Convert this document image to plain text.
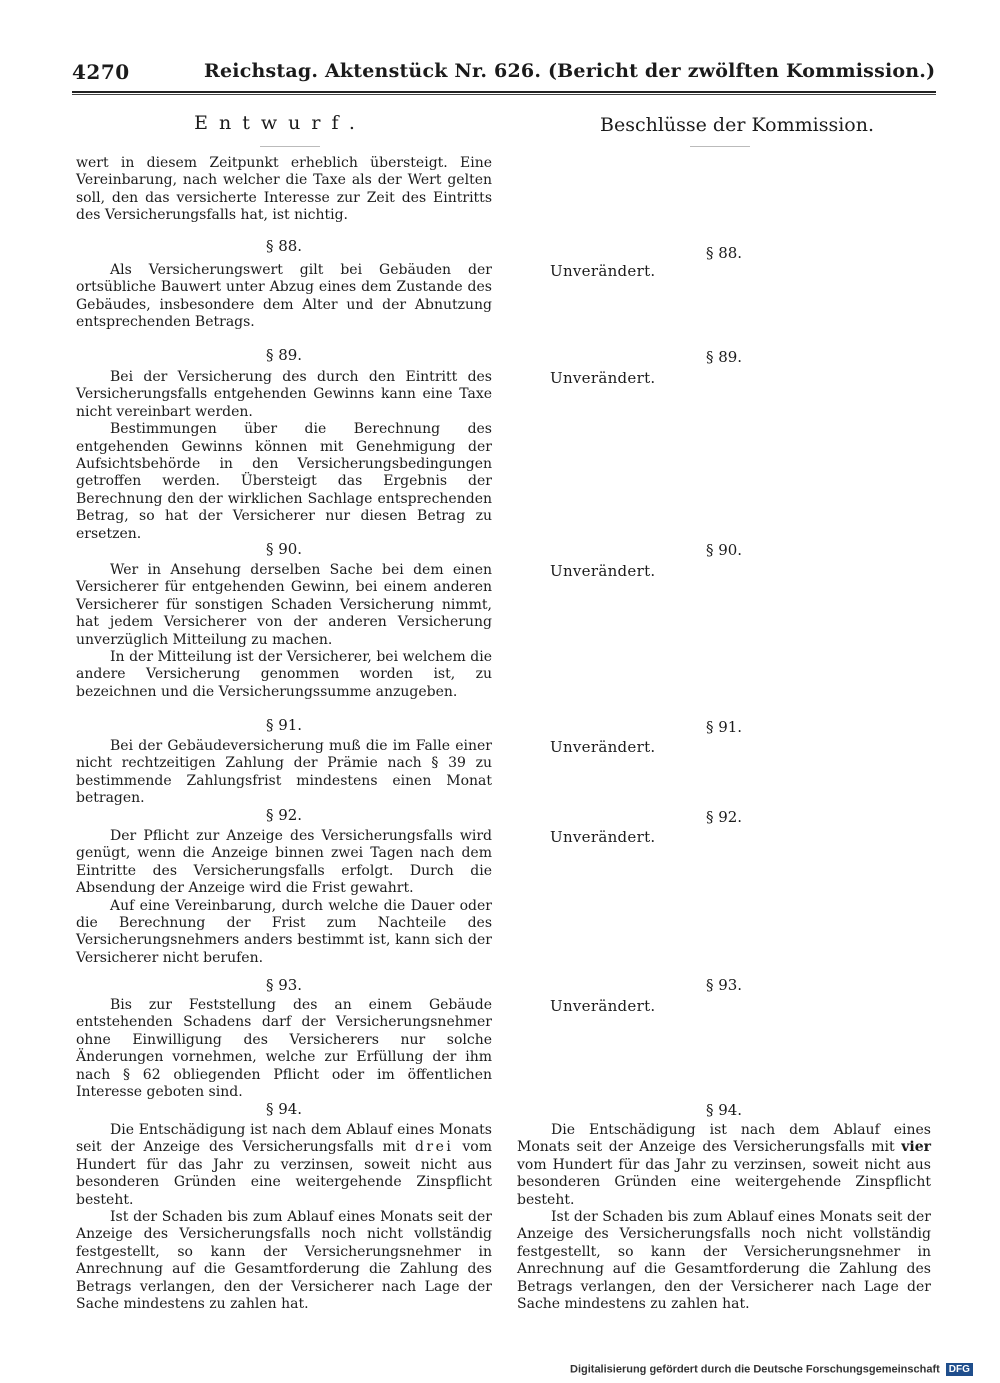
4270	Reichstag. Aktenstück Nr. 626. (Bericht der zwölften Kommission.)
Entwurf.	Beschlüsse der Kommission.

wert in diesem Zeitpunkt erheblich übersteigt. Eine Vereinbarung, nach welcher die Taxe als der Wert gelten soll, den das versicherte Interesse zur Zeit des Eintritts des Versicherungsfalls hat, ist nichtig.

§ 88.	§ 88.
Unverändert.

Als Versicherungswert gilt bei Gebäuden der ortsübliche Bauwert unter Abzug eines dem Zustande des Gebäudes, insbesondere dem Alter und der Abnutzung entsprechenden Betrags.

§ 89.	§ 89.
Unverändert.

Bei der Versicherung des durch den Eintritt des Versicherungsfalls entgehenden Gewinns kann eine Taxe nicht vereinbart werden.

Bestimmungen über die Berechnung des entgehenden Gewinns können mit Genehmigung der Aufsichtsbehörde in den Versicherungsbedingungen getroffen werden. Übersteigt das Ergebnis der Berechnung den der wirklichen Sachlage entsprechenden Betrag, so hat der Versicherer nur diesen Betrag zu ersetzen.

§ 90.	§ 90.
Unverändert.

Wer in Ansehung derselben Sache bei dem einen Versicherer für entgehenden Gewinn, bei einem anderen Versicherer für sonstigen Schaden Versicherung nimmt, hat jedem Versicherer von der anderen Versicherung unverzüglich Mitteilung zu machen.

In der Mitteilung ist der Versicherer, bei welchem die andere Versicherung genommen worden ist, zu bezeichnen und die Versicherungssumme anzugeben.

§ 91.	§ 91.
Unverändert.

Bei der Gebäudeversicherung muß die im Falle einer nicht rechtzeitigen Zahlung der Prämie nach § 39 zu bestimmende Zahlungsfrist mindestens einen Monat betragen.

§ 92.	§ 92.
Unverändert.

Der Pflicht zur Anzeige des Versicherungsfalls wird genügt, wenn die Anzeige binnen zwei Tagen nach dem Eintritte des Versicherungsfalls erfolgt. Durch die Absendung der Anzeige wird die Frist gewahrt.

Auf eine Vereinbarung, durch welche die Dauer oder die Berechnung der Frist zum Nachteile des Versicherungsnehmers anders bestimmt ist, kann sich der Versicherer nicht berufen.

§ 93.	§ 93.
Unverändert.

Bis zur Feststellung des an einem Gebäude entstehenden Schadens darf der Versicherungsnehmer ohne Einwilligung des Versicherers nur solche Änderungen vornehmen, welche zur Erfüllung der ihm nach § 62 obliegenden Pflicht oder im öffentlichen Interesse geboten sind.

§ 94.	§ 94.

Die Entschädigung ist nach dem Ablauf eines Monats seit der Anzeige des Versicherungsfalls mit drei vom Hundert für das Jahr zu verzinsen, soweit nicht aus besonderen Gründen eine weitergehende Zinspflicht besteht.

Ist der Schaden bis zum Ablauf eines Monats seit der Anzeige des Versicherungsfalls noch nicht vollständig festgestellt, so kann der Versicherungsnehmer in Anrechnung auf die Gesamtforderung die Zahlung des Betrags verlangen, den der Versicherer nach Lage der Sache mindestens zu zahlen hat.

Die Entschädigung ist nach dem Ablauf eines Monats seit der Anzeige des Versicherungsfalls mit vier vom Hundert für das Jahr zu verzinsen, soweit nicht aus besonderen Gründen eine weitergehende Zinspflicht besteht.

Ist der Schaden bis zum Ablauf eines Monats seit der Anzeige des Versicherungsfalls noch nicht vollständig festgestellt, so kann der Versicherungsnehmer in Anrechnung auf die Gesamtforderung die Zahlung des Betrags verlangen, den der Versicherer nach Lage der Sache mindestens zu zahlen hat.

Digitalisierung gefördert durch die Deutsche Forschungsgemeinschaft DFG
